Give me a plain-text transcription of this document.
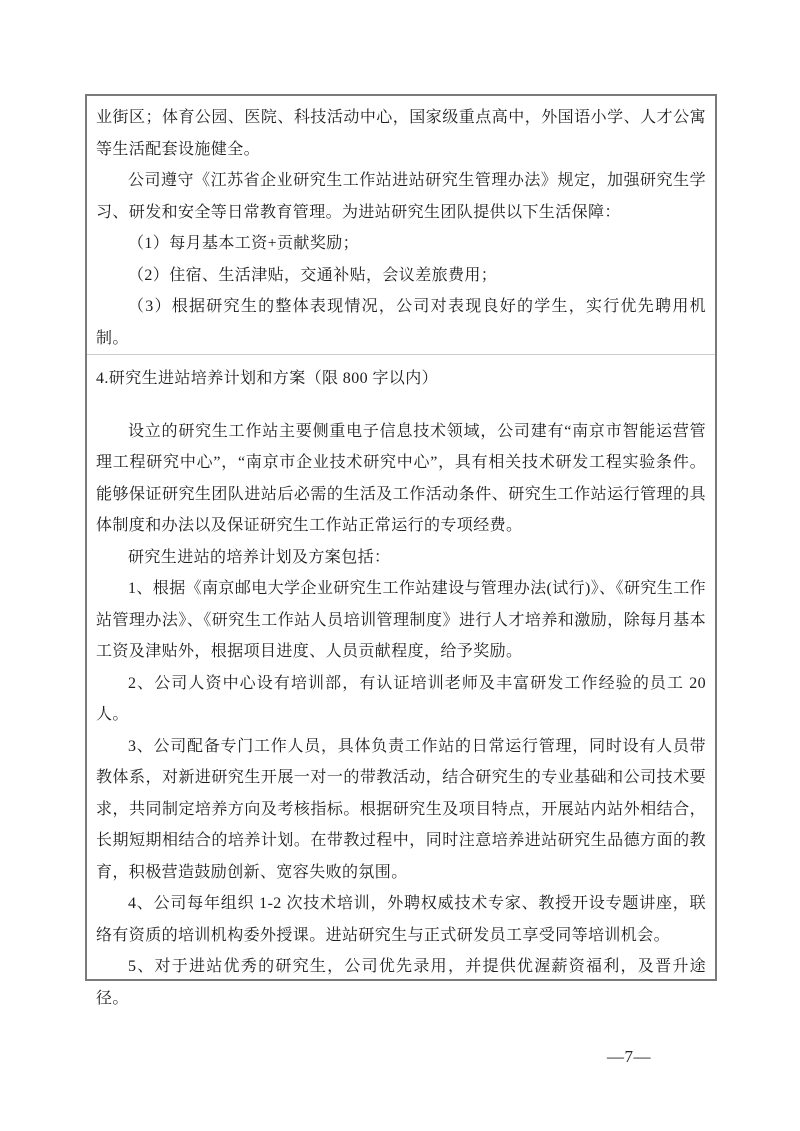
业街区；体育公园、医院、科技活动中心，国家级重点高中，外国语小学、人才公寓等生活配套设施健全。

公司遵守《江苏省企业研究生工作站进站研究生管理办法》规定，加强研究生学习、研发和安全等日常教育管理。为进站研究生团队提供以下生活保障：

（1）每月基本工资+贡献奖励；

（2）住宿、生活津贴，交通补贴，会议差旅费用；

（3）根据研究生的整体表现情况，公司对表现良好的学生，实行优先聘用机制。

4.研究生进站培养计划和方案（限 800 字以内）

设立的研究生工作站主要侧重电子信息技术领域，公司建有“南京市智能运营管理工程研究中心”，“南京市企业技术研究中心”，具有相关技术研发工程实验条件。能够保证研究生团队进站后必需的生活及工作活动条件、研究生工作站运行管理的具体制度和办法以及保证研究生工作站正常运行的专项经费。

研究生进站的培养计划及方案包括：

1、根据《南京邮电大学企业研究生工作站建设与管理办法(试行)》、《研究生工作站管理办法》、《研究生工作站人员培训管理制度》进行人才培养和激励，除每月基本工资及津贴外，根据项目进度、人员贡献程度，给予奖励。

2、公司人资中心设有培训部，有认证培训老师及丰富研发工作经验的员工 20 人。

3、公司配备专门工作人员，具体负责工作站的日常运行管理，同时设有人员带教体系，对新进研究生开展一对一的带教活动，结合研究生的专业基础和公司技术要求，共同制定培养方向及考核指标。根据研究生及项目特点，开展站内站外相结合，长期短期相结合的培养计划。在带教过程中，同时注意培养进站研究生品德方面的教育，积极营造鼓励创新、宽容失败的氛围。

4、公司每年组织 1-2 次技术培训，外聘权威技术专家、教授开设专题讲座，联络有资质的培训机构委外授课。进站研究生与正式研发员工享受同等培训机会。

5、对于进站优秀的研究生，公司优先录用，并提供优渥薪资福利，及晋升途径。

—7—
